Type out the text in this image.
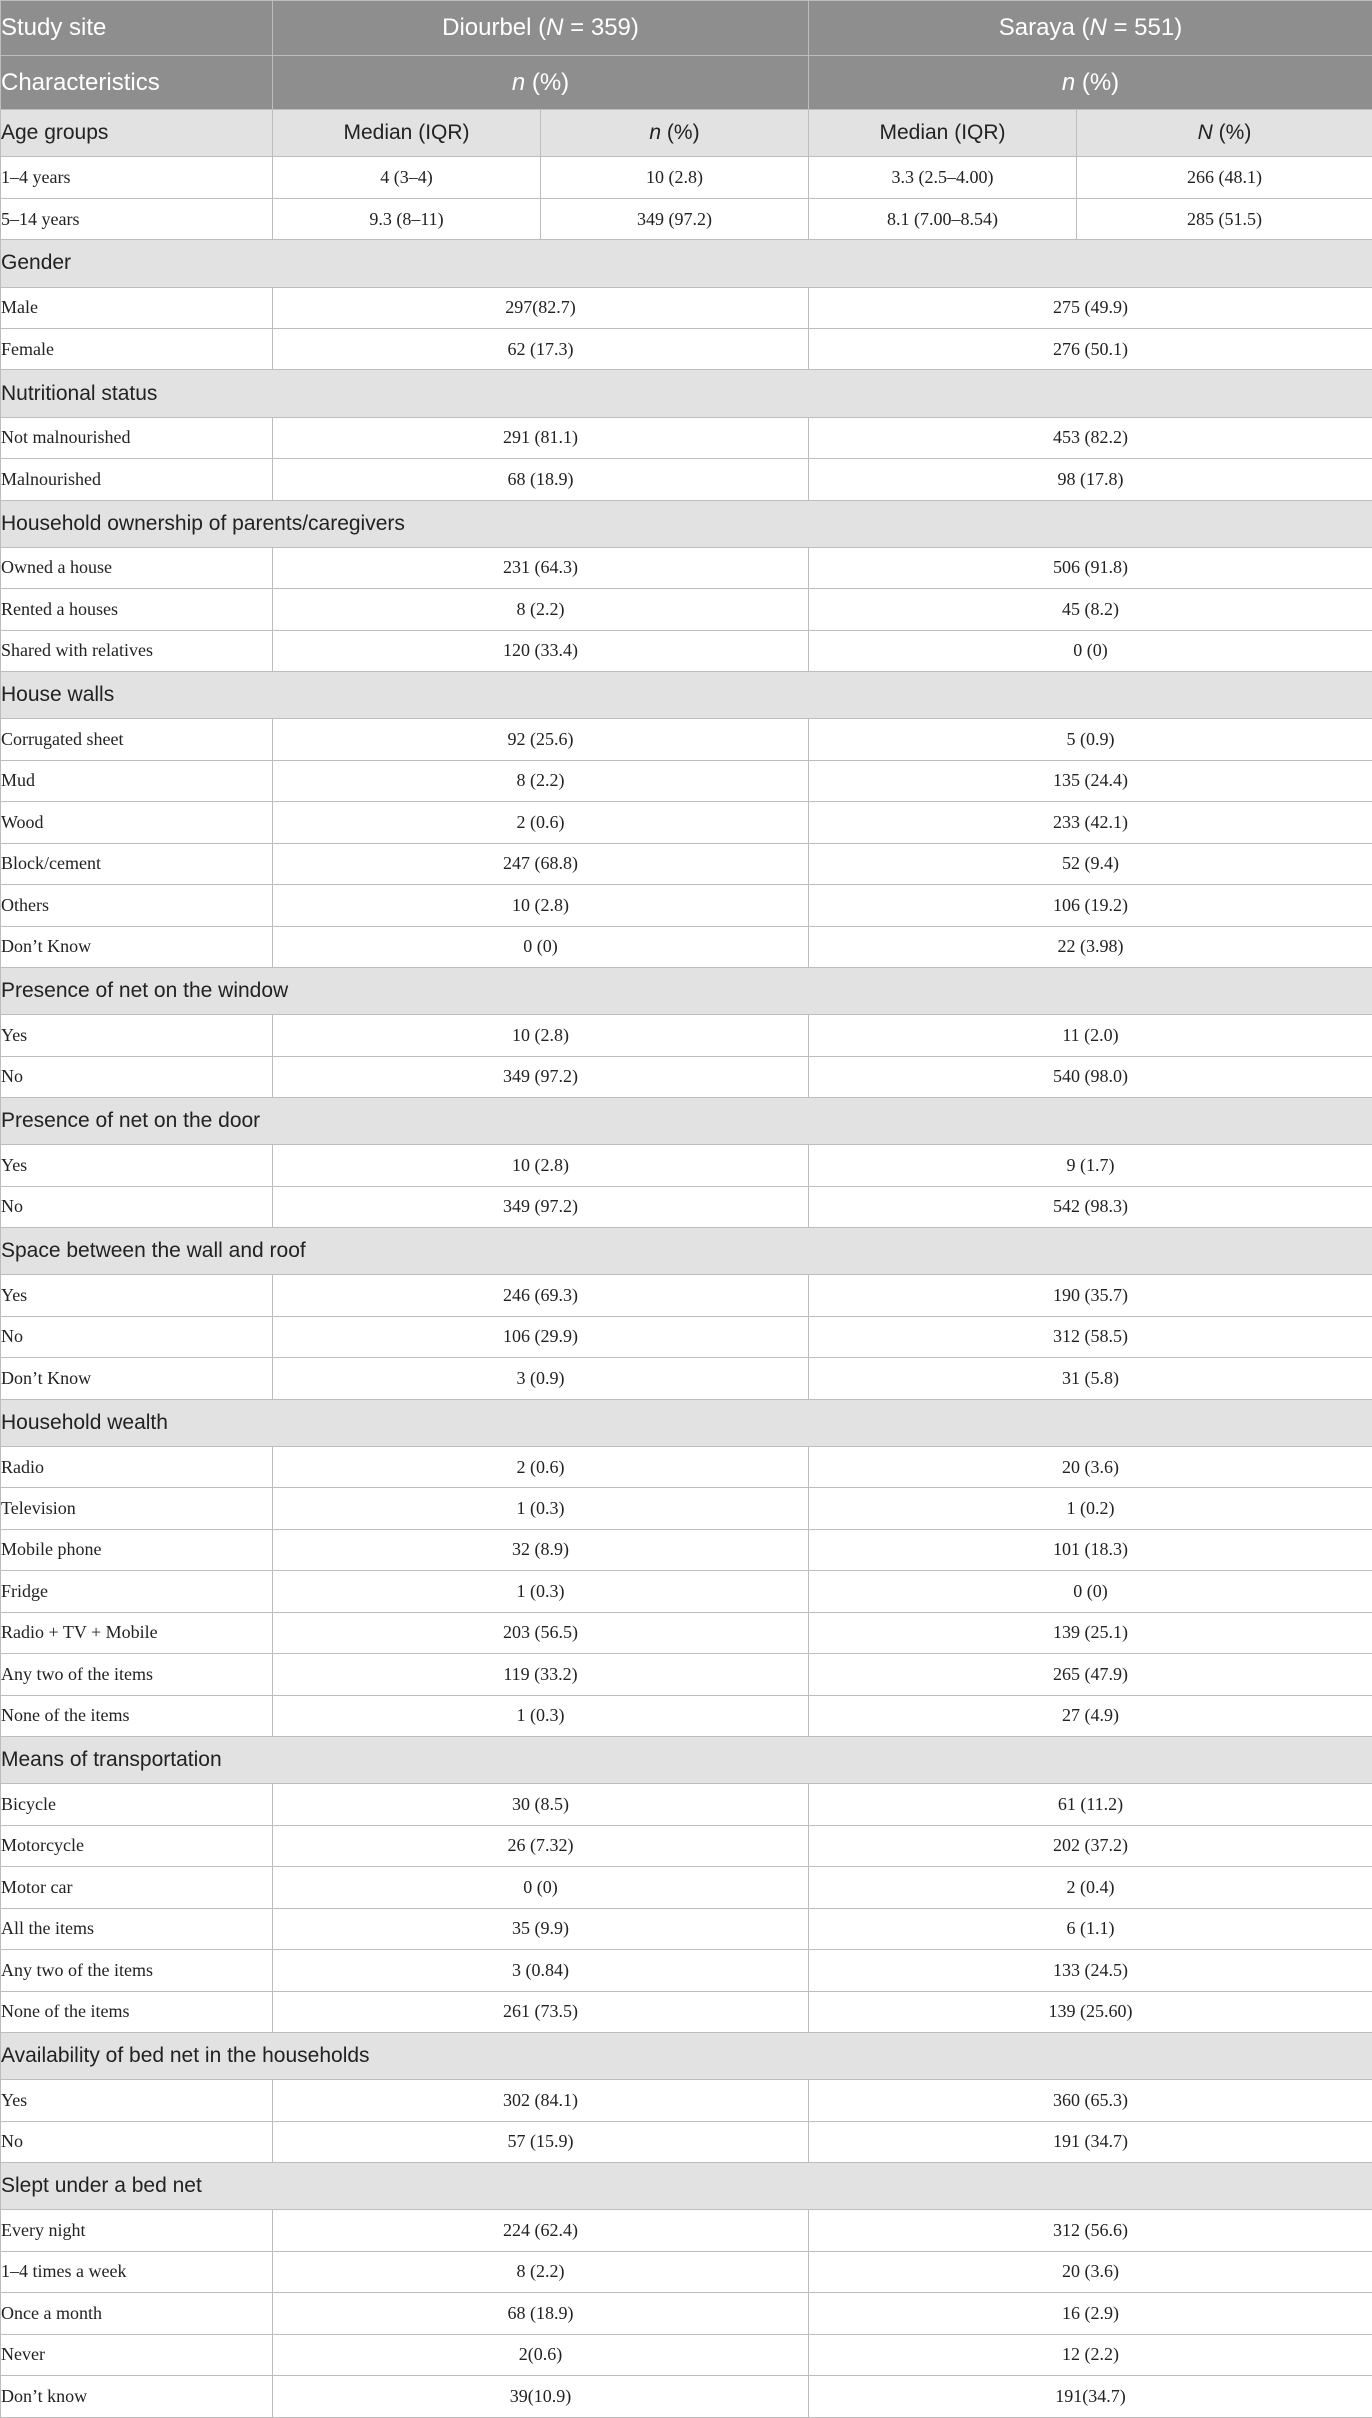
Study site	Diourbel (N = 359)		Saraya (N = 551)	
Characteristics	n (%)		n (%)	
Age groups	Median (IQR)	n (%)	Median (IQR)	N (%)
1–4 years	4 (3–4)	10 (2.8)	3.3 (2.5–4.00)	266 (48.1)
5–14 years	9.3 (8–11)	349 (97.2)	8.1 (7.00–8.54)	285 (51.5)
Gender				
Male	297(82.7)		275 (49.9)	
Female	62 (17.3)		276 (50.1)	
Nutritional status				
Not malnourished	291 (81.1)		453 (82.2)	
Malnourished	68 (18.9)		98 (17.8)	
Household ownership of parents/caregivers				
Owned a house	231 (64.3)		506 (91.8)	
Rented a houses	8 (2.2)		45 (8.2)	
Shared with relatives	120 (33.4)		0 (0)	
House walls				
Corrugated sheet	92 (25.6)		5 (0.9)	
Mud	8 (2.2)		135 (24.4)	
Wood	2 (0.6)		233 (42.1)	
Block/cement	247 (68.8)		52 (9.4)	
Others	10 (2.8)		106 (19.2)	
Don’t Know	0 (0)		22 (3.98)	
Presence of net on the window				
Yes	10 (2.8)		11 (2.0)	
No	349 (97.2)		540 (98.0)	
Presence of net on the door				
Yes	10 (2.8)		9 (1.7)	
No	349 (97.2)		542 (98.3)	
Space between the wall and roof				
Yes	246 (69.3)		190 (35.7)	
No	106 (29.9)		312 (58.5)	
Don’t Know	3 (0.9)		31 (5.8)	
Household wealth				
Radio	2 (0.6)		20 (3.6)	
Television	1 (0.3)		1 (0.2)	
Mobile phone	32 (8.9)		101 (18.3)	
Fridge	1 (0.3)		0 (0)	
Radio + TV + Mobile	203 (56.5)		139 (25.1)	
Any two of the items	119 (33.2)		265 (47.9)	
None of the items	1 (0.3)		27 (4.9)	
Means of transportation				
Bicycle	30 (8.5)		61 (11.2)	
Motorcycle	26 (7.32)		202 (37.2)	
Motor car	0 (0)		2 (0.4)	
All the items	35 (9.9)		6 (1.1)	
Any two of the items	3 (0.84)		133 (24.5)	
None of the items	261 (73.5)		139 (25.60)	
Availability of bed net in the households				
Yes	302 (84.1)		360 (65.3)	
No	57 (15.9)		191 (34.7)	
Slept under a bed net				
Every night	224 (62.4)		312 (56.6)	
1–4 times a week	8 (2.2)		20 (3.6)	
Once a month	68 (18.9)		16 (2.9)	
Never	2(0.6)		12 (2.2)	
Don’t know	39(10.9)		191(34.7)	
